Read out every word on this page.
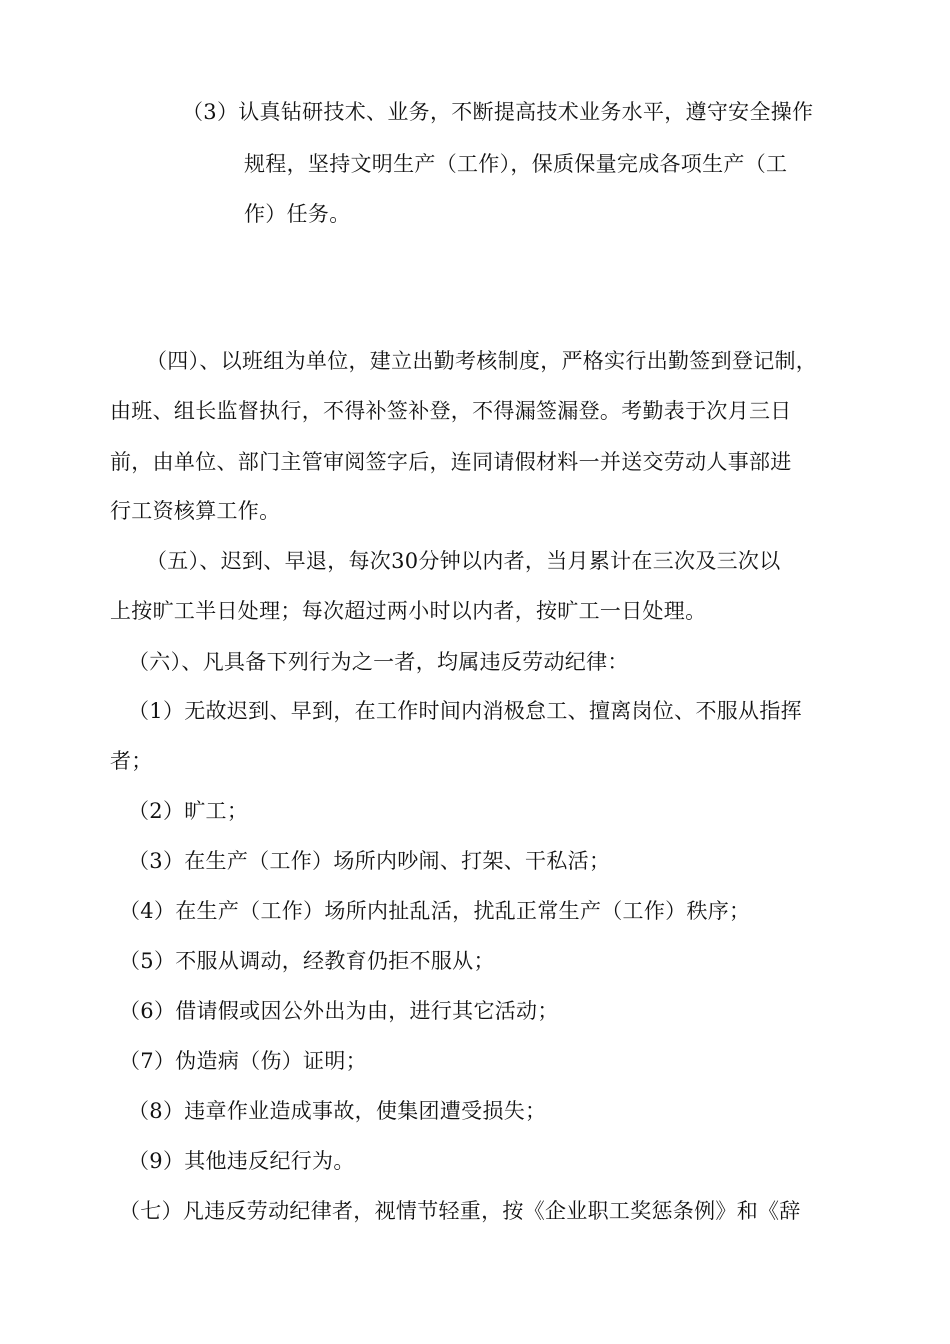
（3）认真钻研技术、业务，不断提高技术业务水平，遵守安全操作
规程，坚持文明生产（工作），保质保量完成各项生产（工
作）任务。
（四）、以班组为单位，建立出勤考核制度，严格实行出勤签到登记制，
由班、组长监督执行，不得补签补登，不得漏签漏登。考勤表于次月三日
前，由单位、部门主管审阅签字后，连同请假材料一并送交劳动人事部进
行工资核算工作。
（五）、迟到、早退，每次30分钟以内者，当月累计在三次及三次以
上按旷工半日处理；每次超过两小时以内者，按旷工一日处理。
（六）、凡具备下列行为之一者，均属违反劳动纪律：
（1）无故迟到、早到，在工作时间内消极怠工、擅离岗位、不服从指挥
者；
（2）旷工；
（3）在生产（工作）场所内吵闹、打架、干私活；
（4）在生产（工作）场所内扯乱活，扰乱正常生产（工作）秩序；
（5）不服从调动，经教育仍拒不服从；
（6）借请假或因公外出为由，进行其它活动；
（7）伪造病（伤）证明；
（8）违章作业造成事故，使集团遭受损失；
（9）其他违反纪行为。
（七）凡违反劳动纪律者，视情节轻重，按《企业职工奖惩条例》和《辞
